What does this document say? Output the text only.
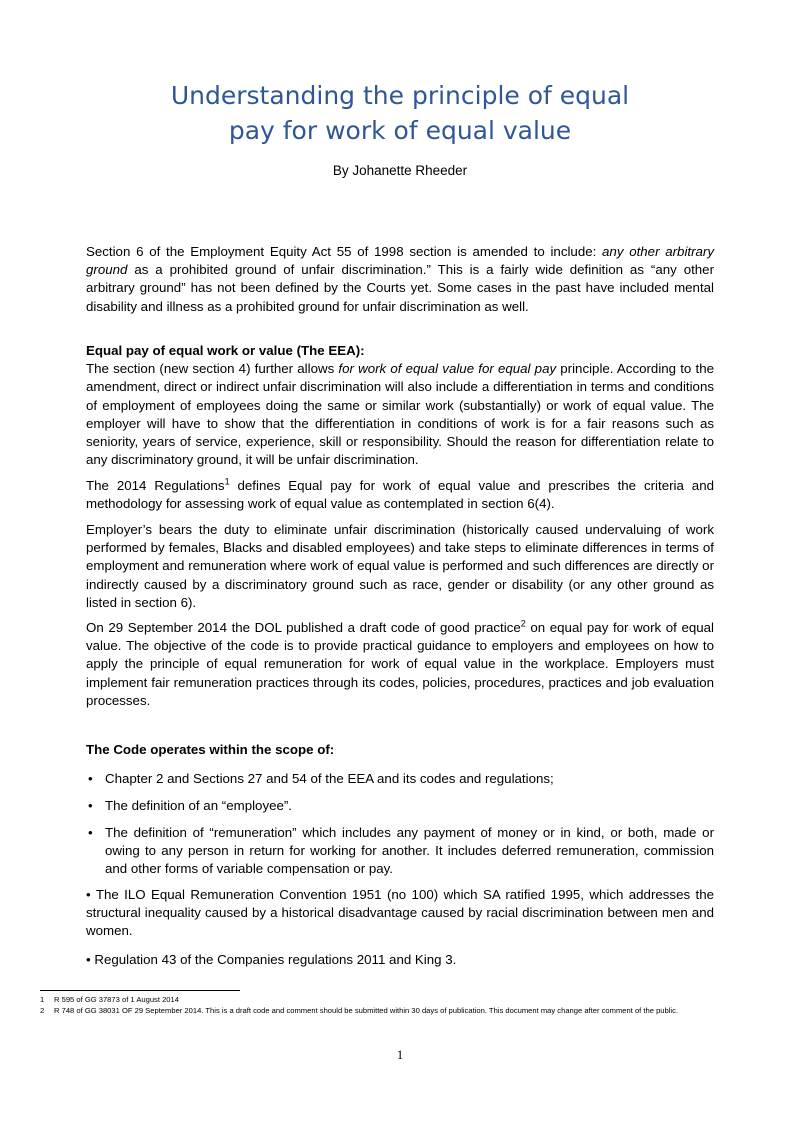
Understanding the principle of equal
pay for work of equal value
By Johanette Rheeder

Section 6 of the Employment Equity Act 55 of 1998 section is amended to include: any other arbitrary ground as a prohibited ground of unfair discrimination.” This is a fairly wide definition as “any other arbitrary ground” has not been defined by the Courts yet. Some cases in the past have included mental disability and illness as a prohibited ground for unfair discrimination as well.

Equal pay of equal work or value (The EEA):

The section (new section 4) further allows for work of equal value for equal pay principle. According to the amendment, direct or indirect unfair discrimination will also include a differentiation in terms and conditions of employment of employees doing the same or similar work (substantially) or work of equal value. The employer will have to show that the differentiation in conditions of work is for a fair reasons such as seniority, years of service, experience, skill or responsibility. Should the reason for differentiation relate to any discriminatory ground, it will be unfair discrimination.

The 2014 Regulations$^1$ defines Equal pay for work of equal value and prescribes the criteria and methodology for assessing work of equal value as contemplated in section 6(4).

Employer’s bears the duty to eliminate unfair discrimination (historically caused undervaluing of work performed by females, Blacks and disabled employees) and take steps to eliminate differences in terms of employment and remuneration where work of equal value is performed and such differences are directly or indirectly caused by a discriminatory ground such as race, gender or disability (or any other ground as listed in section 6).

On 29 September 2014 the DOL published a draft code of good practice$^2$ on equal pay for work of equal value. The objective of the code is to provide practical guidance to employers and employees on how to apply the principle of equal remuneration for work of equal value in the workplace. Employers must implement fair remuneration practices through its codes, policies, procedures, practices and job evaluation processes.

The Code operates within the scope of:

• Chapter 2 and Sections 27 and 54 of the EEA and its codes and regulations;
• The definition of an “employee”.
• The definition of “remuneration” which includes any payment of money or in kind, or both, made or owing to any person in return for working for another. It includes deferred remuneration, commission and other forms of variable compensation or pay.

• The ILO Equal Remuneration Convention 1951 (no 100) which SA ratified 1995, which addresses the structural inequality caused by a historical disadvantage caused by racial discrimination between men and women.

• Regulation 43 of the Companies regulations 2011 and King 3.

1 R 595 of GG 37873 of 1 August 2014
2 R 748 of GG 38031 OF 29 September 2014. This is a draft code and comment should be submitted within 30 days of publication. This document may change after comment of the public.
1
